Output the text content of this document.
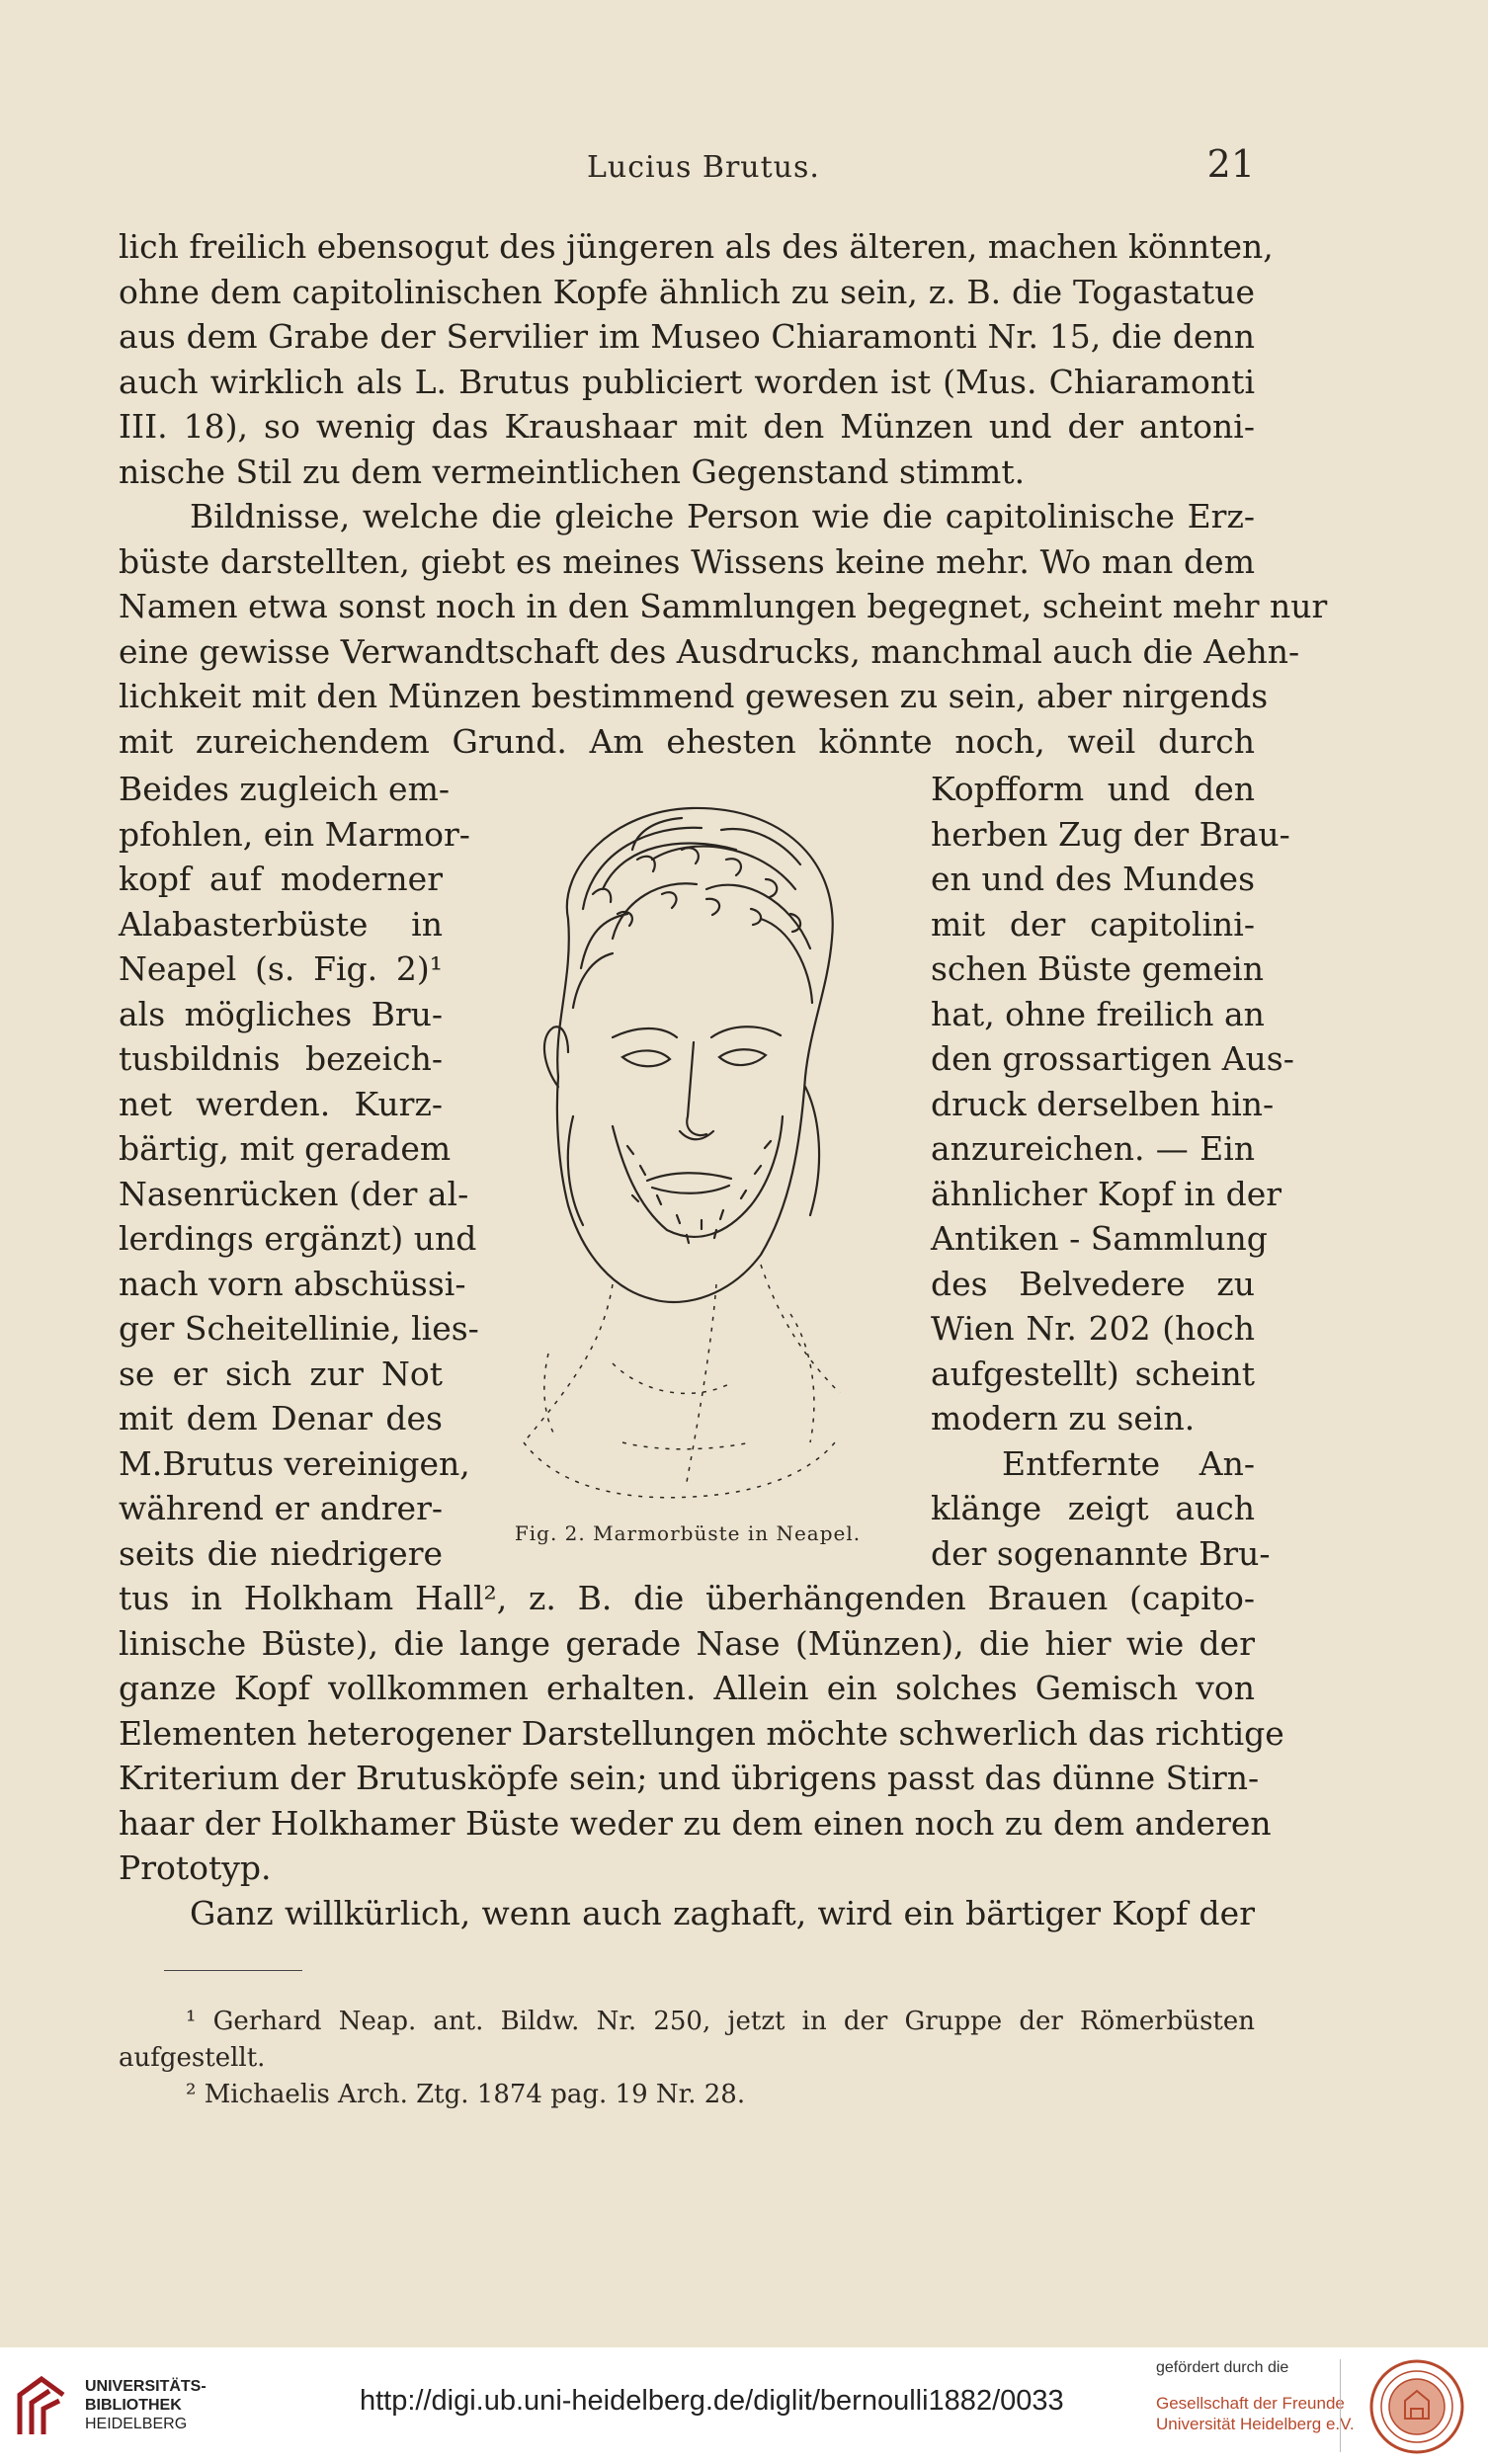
Lucius Brutus.	21
lich freilich ebensogut des jüngeren als des älteren, machen könnten,
ohne dem capitolinischen Kopfe ähnlich zu sein, z. B. die Togastatue
aus dem Grabe der Servilier im Museo Chiaramonti Nr. 15, die denn
auch wirklich als L. Brutus publiciert worden ist (Mus. Chiaramonti
III. 18), so wenig das Kraushaar mit den Münzen und der antoni-
nische Stil zu dem vermeintlichen Gegenstand stimmt.
Bildnisse, welche die gleiche Person wie die capitolinische Erz-
büste darstellten, giebt es meines Wissens keine mehr. Wo man dem
Namen etwa sonst noch in den Sammlungen begegnet, scheint mehr nur
eine gewisse Verwandtschaft des Ausdrucks, manchmal auch die Aehn-
lichkeit mit den Münzen bestimmend gewesen zu sein, aber nirgends
mit zureichendem Grund. Am ehesten könnte noch, weil durch
Beides zugleich em-
pfohlen, ein Marmor-
kopf auf moderner
Alabasterbüste in
Neapel (s. Fig. 2)¹
als mögliches Bru-
tusbildnis bezeich-
net werden. Kurz-
bärtig, mit geradem
Nasenrücken (der al-
lerdings ergänzt) und
nach vorn abschüssi-
ger Scheitellinie, lies-
se er sich zur Not
mit dem Denar des
M.Brutus vereinigen,
während er andrer-
seits die niedrigere
Fig. 2. Marmorbüste in Neapel.
Kopfform und den
herben Zug der Brau-
en und des Mundes
mit der capitolini-
schen Büste gemein
hat, ohne freilich an
den grossartigen Aus-
druck derselben hin-
anzureichen. — Ein
ähnlicher Kopf in der
Antiken - Sammlung
des Belvedere zu
Wien Nr. 202 (hoch
aufgestellt) scheint
modern zu sein.
Entfernte An-
klänge zeigt auch
der sogenannte Bru-
tus in Holkham Hall², z. B. die überhängenden Brauen (capito-
linische Büste), die lange gerade Nase (Münzen), die hier wie der
ganze Kopf vollkommen erhalten. Allein ein solches Gemisch von
Elementen heterogener Darstellungen möchte schwerlich das richtige
Kriterium der Brutusköpfe sein; und übrigens passt das dünne Stirn-
haar der Holkhamer Büste weder zu dem einen noch zu dem anderen
Prototyp.
Ganz willkürlich, wenn auch zaghaft, wird ein bärtiger Kopf der
¹ Gerhard Neap. ant. Bildw. Nr. 250, jetzt in der Gruppe der Römerbüsten
aufgestellt.
² Michaelis Arch. Ztg. 1874 pag. 19 Nr. 28.
UNIVERSITÄTS-
BIBLIOTHEK
HEIDELBERG
http://digi.ub.uni-heidelberg.de/diglit/bernoulli1882/0033
gefördert durch die
Gesellschaft der Freunde
Universität Heidelberg e.V.
